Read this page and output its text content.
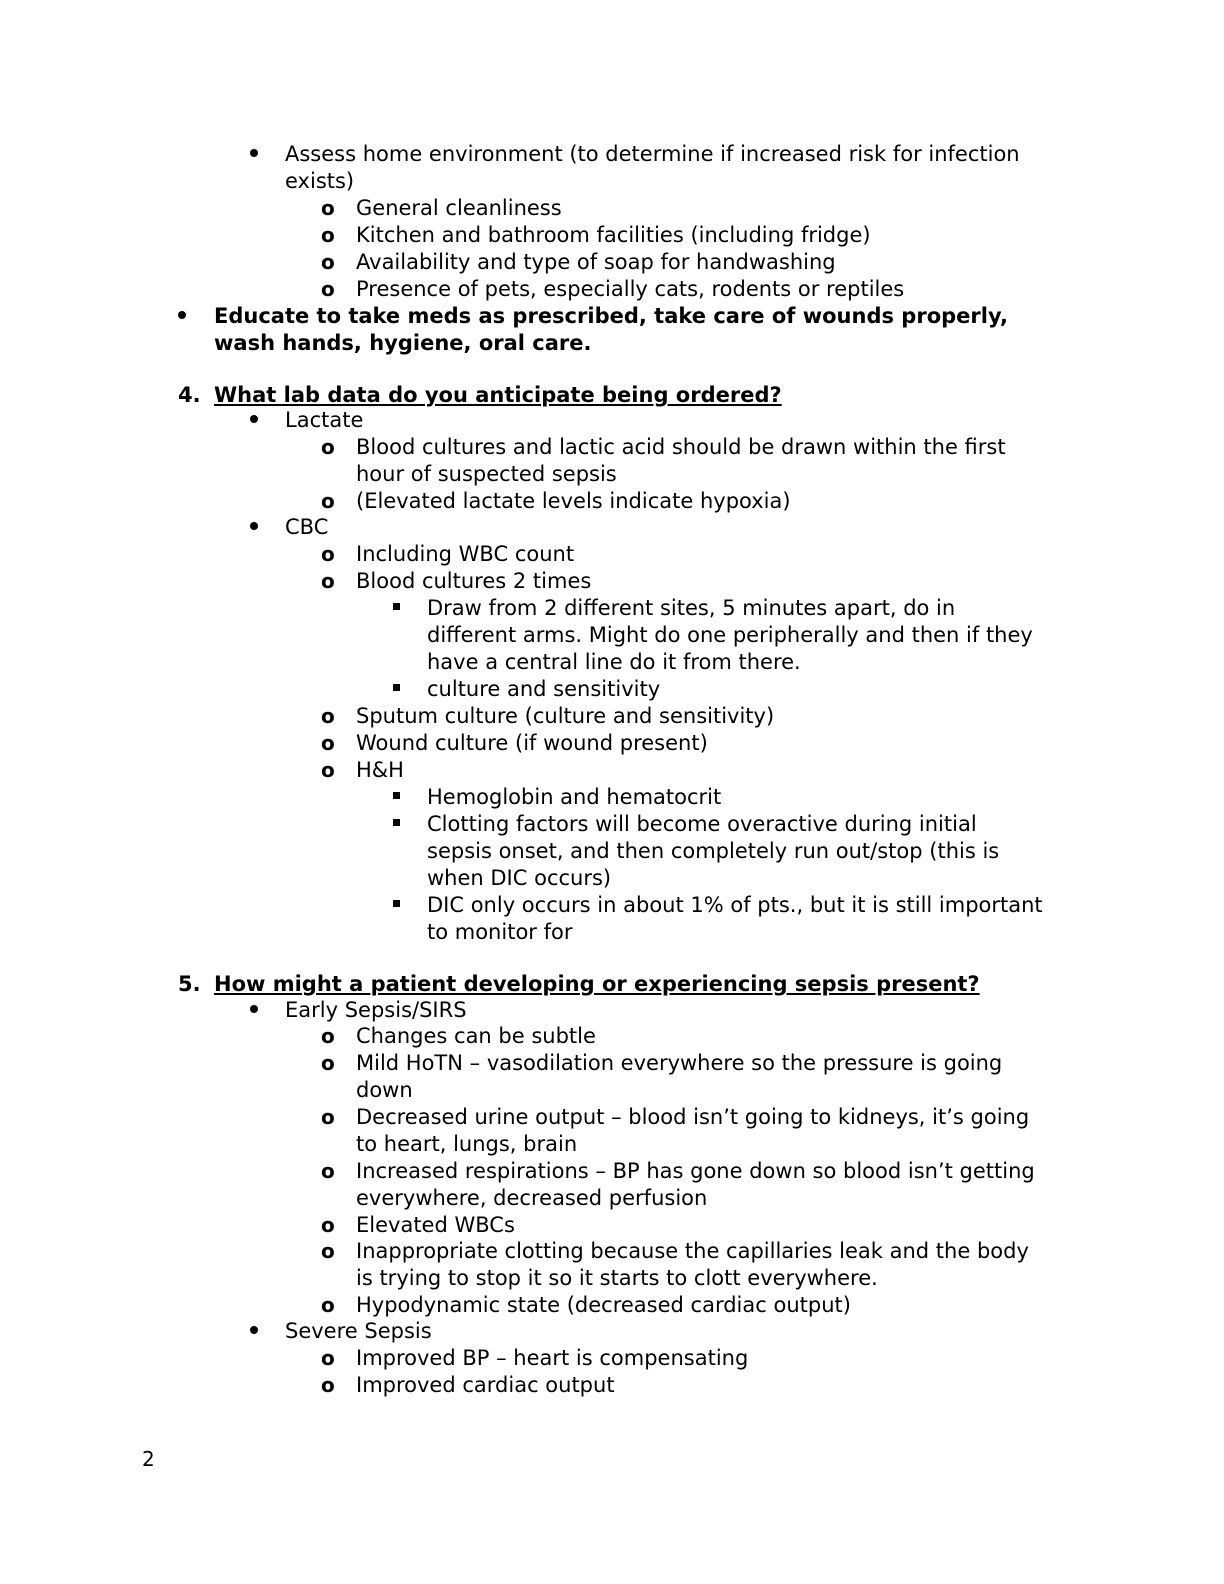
Assess home environment (to determine if increased risk for infection
exists)
o General cleanliness
o Kitchen and bathroom facilities (including fridge)
o Availability and type of soap for handwashing
o Presence of pets, especially cats, rodents or reptiles
Educate to take meds as prescribed, take care of wounds properly,
wash hands, hygiene, oral care.
4. What lab data do you anticipate being ordered?
Lactate
o Blood cultures and lactic acid should be drawn within the first
hour of suspected sepsis
o (Elevated lactate levels indicate hypoxia)
CBC
o Including WBC count
o Blood cultures 2 times
Draw from 2 different sites, 5 minutes apart, do in
different arms. Might do one peripherally and then if they
have a central line do it from there.
culture and sensitivity
o Sputum culture (culture and sensitivity)
o Wound culture (if wound present)
o H&H
Hemoglobin and hematocrit
Clotting factors will become overactive during initial
sepsis onset, and then completely run out/stop (this is
when DIC occurs)
DIC only occurs in about 1% of pts., but it is still important
to monitor for
5. How might a patient developing or experiencing sepsis present?
Early Sepsis/SIRS
o Changes can be subtle
o Mild HoTN – vasodilation everywhere so the pressure is going
down
o Decreased urine output – blood isn’t going to kidneys, it’s going
to heart, lungs, brain
o Increased respirations – BP has gone down so blood isn’t getting
everywhere, decreased perfusion
o Elevated WBCs
o Inappropriate clotting because the capillaries leak and the body
is trying to stop it so it starts to clott everywhere.
o Hypodynamic state (decreased cardiac output)
Severe Sepsis
o Improved BP – heart is compensating
o Improved cardiac output
2
